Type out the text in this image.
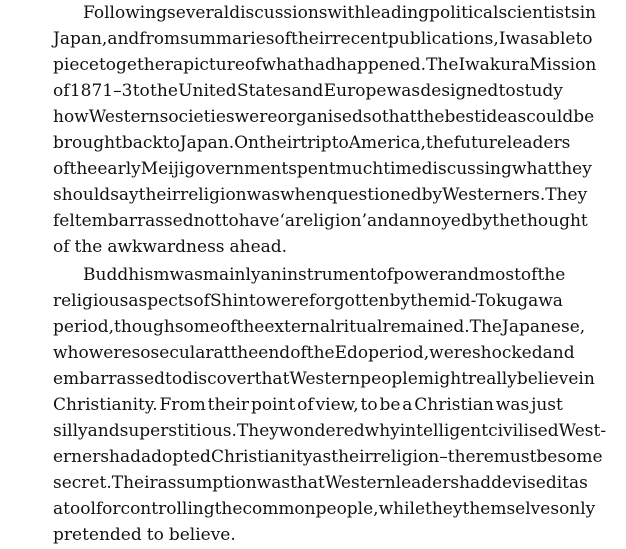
Following several discussions with leading political scientists in
Japan, and from summaries of their recent publications, I was able to
piece together a picture of what had happened. The Iwakura Mission
of 1871–3 to the United States and Europe was designed to study
how Western societies were organised so that the best ideas could be
brought back to Japan. On their trip to America, the future leaders
of the early Meiji government spent much time discussing what they
should say their religion was when questioned by Westerners. They
felt embarrassed not to have ‘a religion’ and annoyed by the thought
of the awkwardness ahead.
Buddhism was mainly an instrument of power and most of the
religious aspects of Shinto were forgotten by the mid-Tokugawa
period, though some of the external ritual remained. The Japanese,
who were so secular at the end of the Edo period, were shocked and
embarrassed to discover that Western people might really believe in
Christianity. From their point of view, to be a Christian was just
silly and superstitious. They wondered why intelligent civilised West-
erners had adopted Christianity as their religion – there must be some
secret. Their assumption was that Western leaders had devised it as
a tool for controlling the common people, while they themselves only
pretended to believe.
